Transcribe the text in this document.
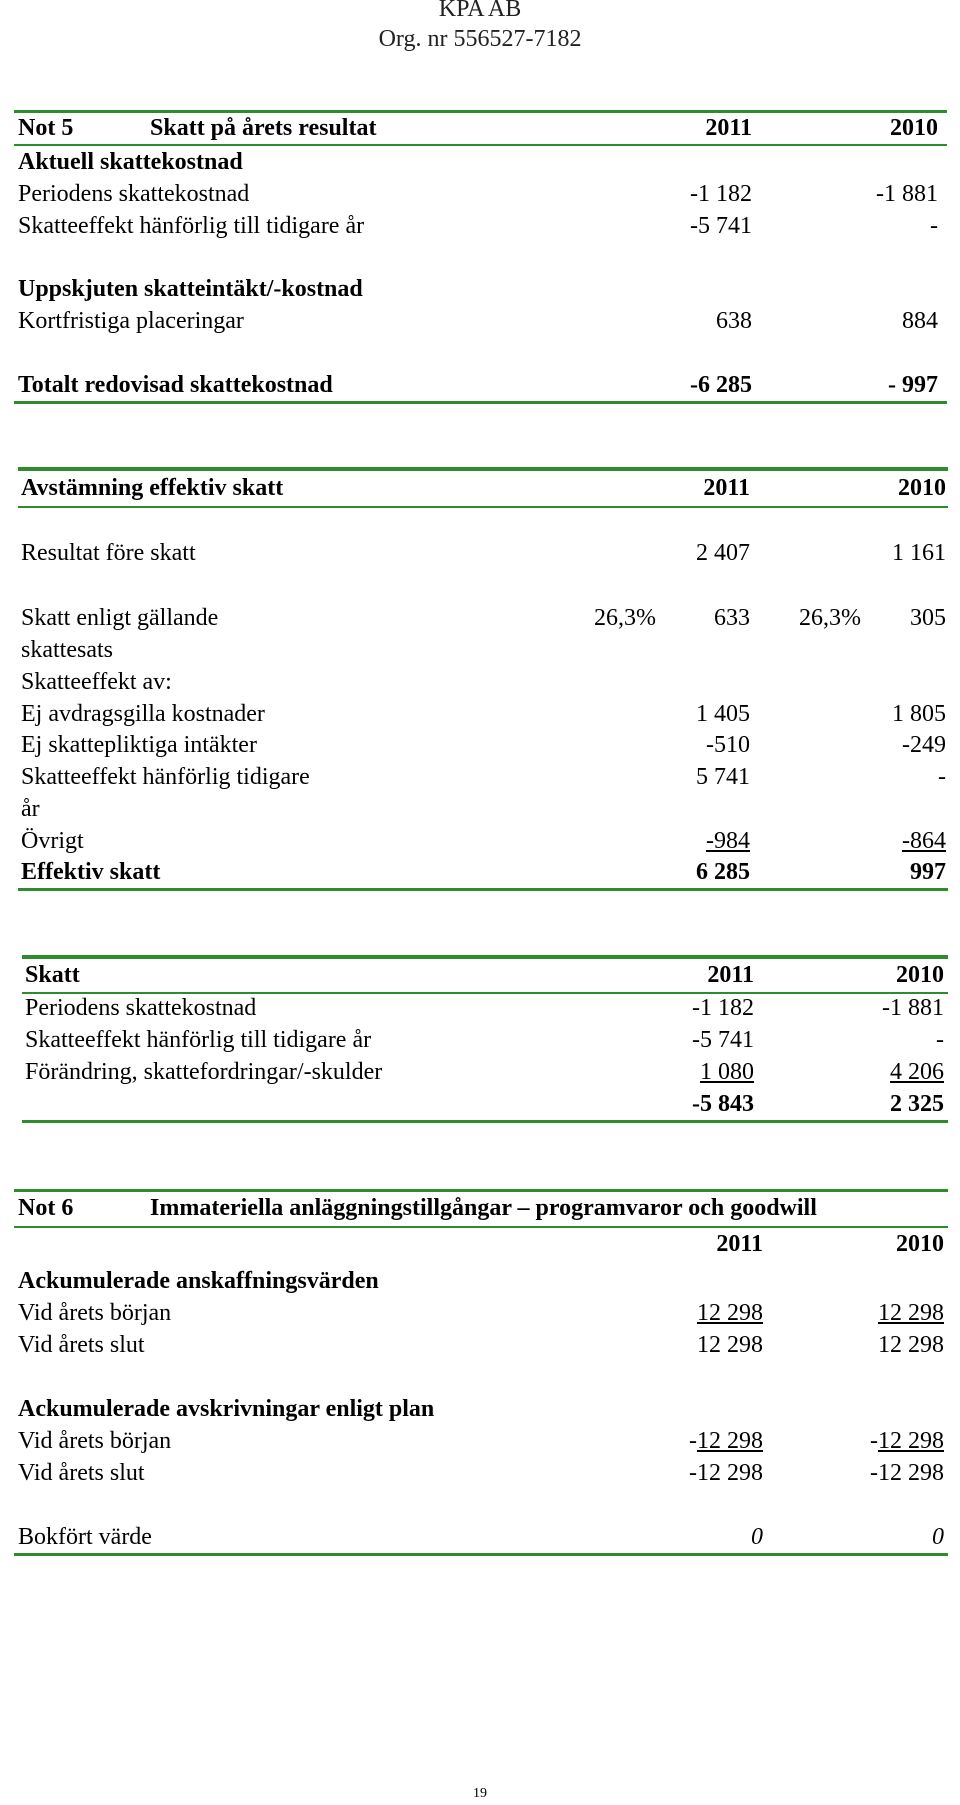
KPA AB
Org. nr 556527-7182
Not 5	Skatt på årets resultat	2011	2010
Aktuell skattekostnad
Periodens skattekostnad	-1 182	-1 881
Skatteeffekt hänförlig till tidigare år	-5 741	-
Uppskjuten skatteintäkt/-kostnad
Kortfristiga placeringar	638	884
Totalt redovisad skattekostnad	-6 285	- 997
Avstämning effektiv skatt	2011	2010
Resultat före skatt	2 407	1 161
Skatt enligt gällande	26,3% 633 26,3% 305
skattesats
Skatteeffekt av:
Ej avdragsgilla kostnader	1 405	1 805
Ej skattepliktiga intäkter	-510	-249
Skatteeffekt hänförlig tidigare	5 741	-
år
Övrigt	-984	-864
Effektiv skatt	6 285	997
Skatt	2011	2010
Periodens skattekostnad	-1 182	-1 881
Skatteeffekt hänförlig till tidigare år	-5 741	-
Förändring, skattefordringar/-skulder	1 080	4 206
-5 843	2 325
Not 6	Immateriella anläggningstillgångar – programvaror och goodwill
2011	2010
Ackumulerade anskaffningsvärden
Vid årets början	12 298	12 298
Vid årets slut	12 298	12 298
Ackumulerade avskrivningar enligt plan
Vid årets början	-12 298	-12 298
Vid årets slut	-12 298	-12 298
Bokfört värde	0	0
19
